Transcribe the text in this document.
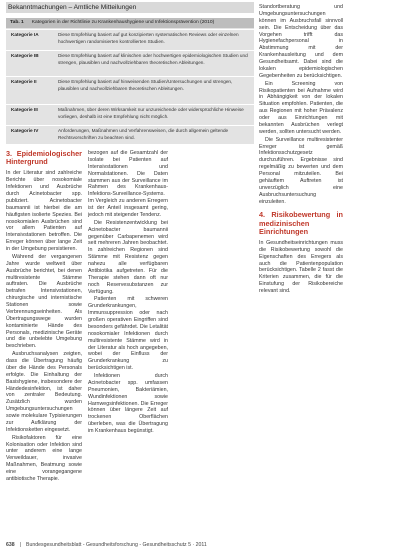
Bekanntmachungen – Amtliche Mitteilungen
Tab. 1 Kategorien in der Richtlinie zu Krankenhaushygiene und Infektionsprävention (2010)
Kategorie IA	Diese Empfehlung basiert auf gut konzipierten systematischen Reviews oder einzelnen hochwertigen randomisierten kontrollierten Studien.
Kategorie IB	Diese Empfehlung basiert auf klinischen oder hochwertigen epidemiologischen Studien und strengen, plausiblen und nachvollziehbaren theoretischen Ableitungen.
Kategorie II	Diese Empfehlung basiert auf hinweisenden Studien/Untersuchungen und strengen, plausiblen und nachvollziehbaren theoretischen Ableitungen.
Kategorie III	Maßnahmen, über deren Wirksamkeit nur unzureichende oder widersprüchliche Hinweise vorliegen, deshalb ist eine Empfehlung nicht möglich.
Kategorie IV	Anforderungen, Maßnahmen und Verfahrensweisen, die durch allgemein geltende Rechtsvorschriften zu beachten sind.
3. Epidemiologischer Hintergrund

In der Literatur sind zahlreiche Berichte über nosokomiale Infektionen und Ausbrüche durch Acinetobacter spp. publiziert. Acinetobacter baumannii ist hierbei die am häufigsten isolierte Spezies. Bei nosokomialen Ausbrüchen sind vor allem Patienten auf Intensivstationen betroffen. Die Erreger können über lange Zeit in der Umgebung persistieren.

Während der vergangenen Jahre wurde weltweit über Ausbrüche berichtet, bei denen multiresistente Stämme auftraten. Die Ausbrüche betrafen Intensivstationen, chirurgische und internistische Stationen sowie Verbrennungseinheiten. Als Übertragungswege wurden kontaminierte Hände des Personals, medizinische Geräte und die unbelebte Umgebung beschrieben.

Ausbruchsanalysen zeigten, dass die Übertragung häufig über die Hände des Personals erfolgte. Die Einhaltung der Basishygiene, insbesondere der Händedesinfektion, ist daher von zentraler Bedeutung. Zusätzlich wurden Umgebungsuntersuchungen sowie molekulare Typisierungen zur Aufklärung der Infektionsketten eingesetzt.

Risikofaktoren für eine Kolonisation oder Infektion sind unter anderem eine lange Verweildauer, invasive Maßnahmen, Beatmung sowie eine vorangegangene antibiotische Therapie.

bezogen auf die Gesamtzahl der Isolate bei Patienten auf Intensivstationen und Normalstationen. Die Daten stammen aus der Surveillance im Rahmen des Krankenhaus-Infektions-Surveillance-Systems. Im Vergleich zu anderen Erregern ist der Anteil insgesamt gering, jedoch mit steigender Tendenz.

Die Resistenzentwicklung bei Acinetobacter baumannii gegenüber Carbapenemen wird seit mehreren Jahren beobachtet. In zahlreichen Regionen sind Stämme mit Resistenz gegen nahezu alle verfügbaren Antibiotika aufgetreten. Für die Therapie stehen dann oft nur noch Reservesubstanzen zur Verfügung.

Patienten mit schweren Grunderkrankungen, Immunsuppression oder nach großen operativen Eingriffen sind besonders gefährdet. Die Letalität nosokomialer Infektionen durch multiresistente Stämme wird in der Literatur als hoch angegeben, wobei der Einfluss der Grunderkrankung zu berücksichtigen ist.

Infektionen durch Acinetobacter spp. umfassen Pneumonien, Bakteriämien, Wundinfektionen sowie Harnwegsinfektionen. Die Erreger können über längere Zeit auf trockenen Oberflächen überleben, was die Übertragung im Krankenhaus begünstigt.

Standortberatung und Umgebungsuntersuchungen können im Ausbruchsfall sinnvoll sein. Die Entscheidung über das Vorgehen trifft das Hygienefachpersonal in Abstimmung mit der Krankenhausleitung und dem Gesundheitsamt. Dabei sind die lokalen epidemiologischen Gegebenheiten zu berücksichtigen.

Ein Screening von Risikopatienten bei Aufnahme wird in Abhängigkeit von der lokalen Situation empfohlen. Patienten, die aus Regionen mit hoher Prävalenz oder aus Einrichtungen mit bekannten Ausbrüchen verlegt werden, sollten untersucht werden.

Die Surveillance multiresistenter Erreger ist gemäß Infektionsschutzgesetz durchzuführen. Ergebnisse sind regelmäßig zu bewerten und dem Personal mitzuteilen. Bei gehäuftem Auftreten ist unverzüglich eine Ausbruchsuntersuchung einzuleiten.

4. Risikobewertung in medizinischen Einrichtungen

In Gesundheitseinrichtungen muss die Risikobewertung sowohl die Eigenschaften des Erregers als auch die Patientenpopulation berücksichtigen. Tabelle 2 fasst die Kriterien zusammen, die für die Einstufung der Risikobereiche relevant sind.

638 | Bundesgesundheitsblatt - Gesundheitsforschung - Gesundheitsschutz 5 · 2011
